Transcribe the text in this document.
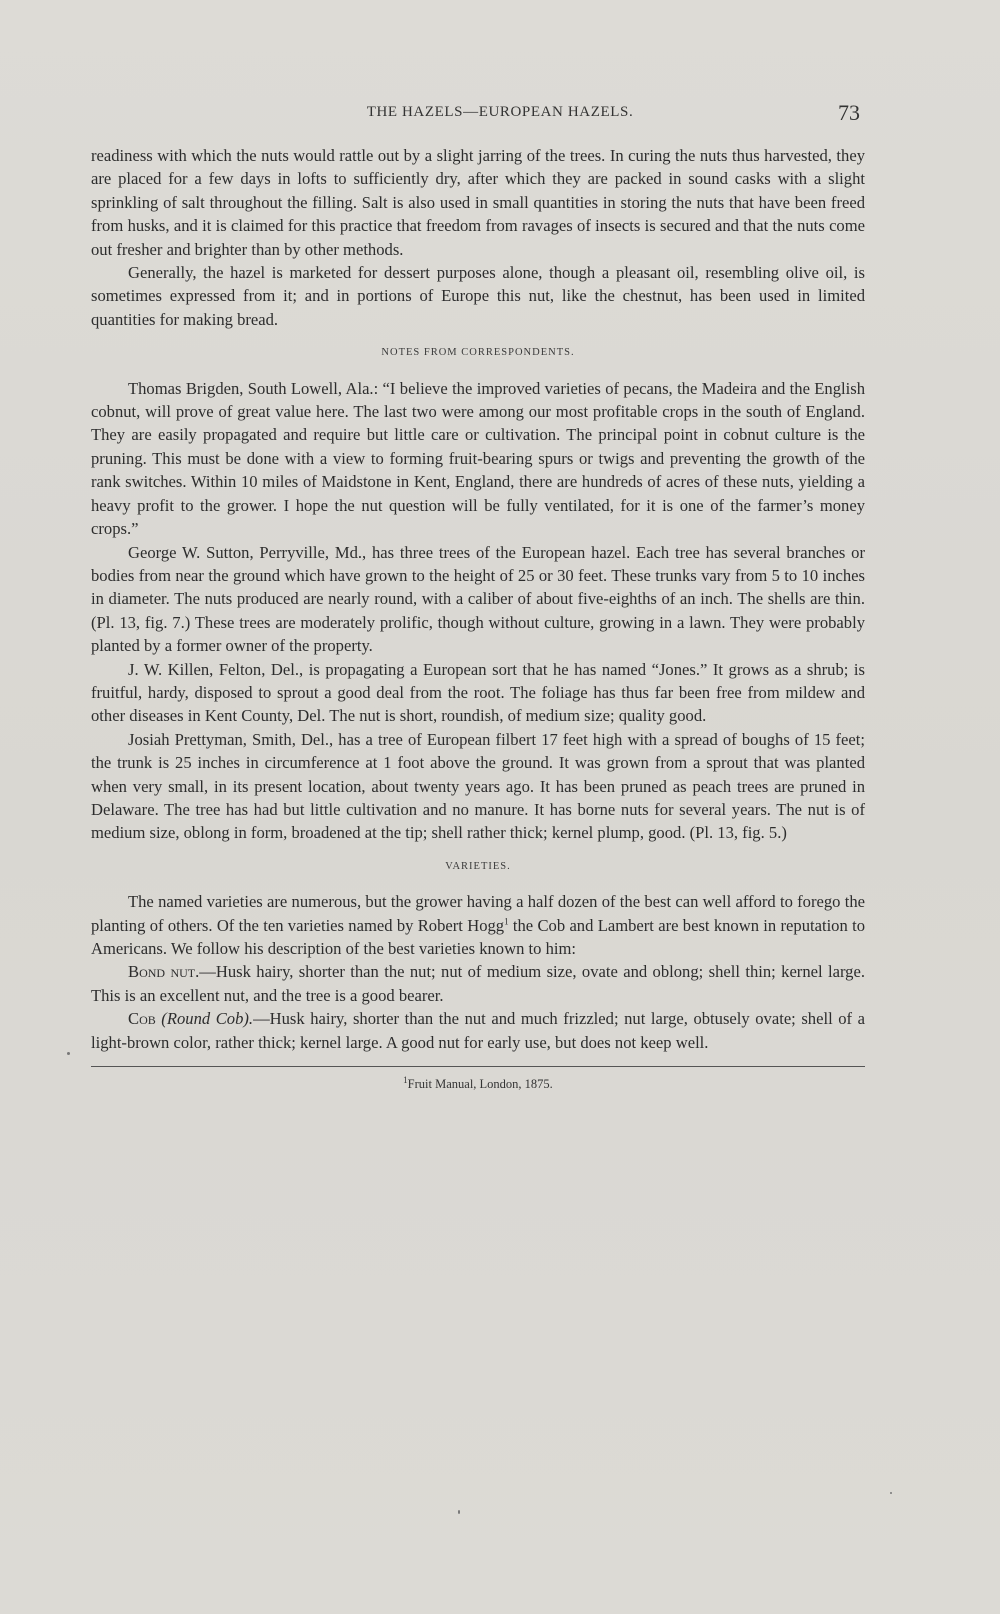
THE HAZELS—EUROPEAN HAZELS.	73

readiness with which the nuts would rattle out by a slight jarring of the trees. In curing the nuts thus harvested, they are placed for a few days in lofts to sufficiently dry, after which they are packed in sound casks with a slight sprinkling of salt throughout the filling. Salt is also used in small quantities in storing the nuts that have been freed from husks, and it is claimed for this practice that freedom from ravages of insects is secured and that the nuts come out fresher and brighter than by other methods.

Generally, the hazel is marketed for dessert purposes alone, though a pleasant oil, resembling olive oil, is sometimes expressed from it; and in portions of Europe this nut, like the chestnut, has been used in limited quantities for making bread.

NOTES FROM CORRESPONDENTS.

Thomas Brigden, South Lowell, Ala.: “I believe the improved varieties of pecans, the Madeira and the English cobnut, will prove of great value here. The last two were among our most profitable crops in the south of England. They are easily propagated and require but little care or cultivation. The principal point in cobnut culture is the pruning. This must be done with a view to forming fruit-bearing spurs or twigs and preventing the growth of the rank switches. Within 10 miles of Maidstone in Kent, England, there are hundreds of acres of these nuts, yielding a heavy profit to the grower. I hope the nut question will be fully ventilated, for it is one of the farmer’s money crops.”

George W. Sutton, Perryville, Md., has three trees of the European hazel. Each tree has several branches or bodies from near the ground which have grown to the height of 25 or 30 feet. These trunks vary from 5 to 10 inches in diameter. The nuts produced are nearly round, with a caliber of about five-eighths of an inch. The shells are thin. (Pl. 13, fig. 7.) These trees are moderately prolific, though without culture, growing in a lawn. They were probably planted by a former owner of the property.

J. W. Killen, Felton, Del., is propagating a European sort that he has named “Jones.” It grows as a shrub; is fruitful, hardy, disposed to sprout a good deal from the root. The foliage has thus far been free from mildew and other diseases in Kent County, Del. The nut is short, roundish, of medium size; quality good.

Josiah Prettyman, Smith, Del., has a tree of European filbert 17 feet high with a spread of boughs of 15 feet; the trunk is 25 inches in circumference at 1 foot above the ground. It was grown from a sprout that was planted when very small, in its present location, about twenty years ago. It has been pruned as peach trees are pruned in Delaware. The tree has had but little cultivation and no manure. It has borne nuts for several years. The nut is of medium size, oblong in form, broadened at the tip; shell rather thick; kernel plump, good. (Pl. 13, fig. 5.)

VARIETIES.

The named varieties are numerous, but the grower having a half dozen of the best can well afford to forego the planting of others. Of the ten varieties named by Robert Hogg$^1$ the Cob and Lambert are best known in reputation to Americans. We follow his description of the best varieties known to him:

Bond nut.—Husk hairy, shorter than the nut; nut of medium size, ovate and oblong; shell thin; kernel large. This is an excellent nut, and the tree is a good bearer.

Cob (Round Cob).—Husk hairy, shorter than the nut and much frizzled; nut large, obtusely ovate; shell of a light-brown color, rather thick; kernel large. A good nut for early use, but does not keep well.

$^1$Fruit Manual, London, 1875.
